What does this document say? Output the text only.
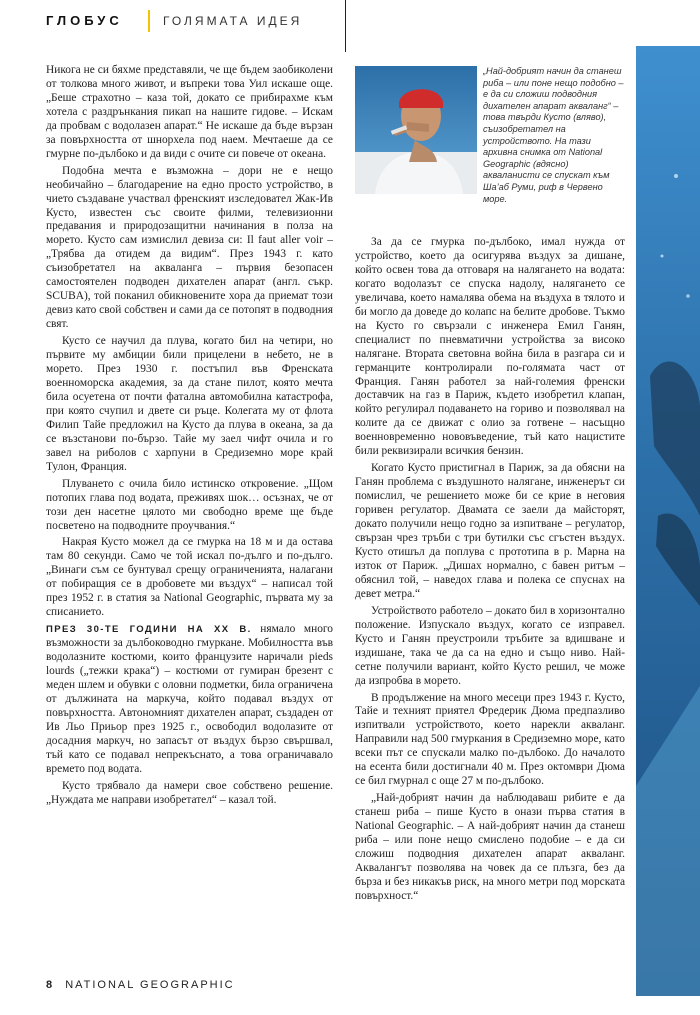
ГЛОБУС	ГОЛЯМАТА ИДЕЯ

Никога не си бяхме представяли, че ще бъдем заобиколени от толкова много живот, и въпреки това Уил искаше още. „Беше страхотно – каза той, докато се прибирахме към хотела с раздрънкания пикап на нашите гидове. – Искам да пробвам с водолазен апарат.“ Не искаше да бъде вързан за повърхността от шнорхела под наем. Мечтаеше да се гмурне по-дълбоко и да види с очите си повече от океана.

Подобна мечта е възможна – дори не е нещо необичайно – благодарение на едно просто устройство, в чието създаване участвал френският изследовател Жак-Ив Кусто, известен със своите филми, телевизионни предавания и природозащитни начинания в полза на морето. Кусто сам измислил девиза си: Il faut aller voir – „Трябва да отидем да видим“. През 1943 г. като съизобретател на акваланга – първия безопасен самостоятелен подводен дихателен апарат (англ. съкр. SCUBA), той поканил обикновените хора да приемат този девиз като свой собствен и сами да се потопят в подводния свят.

Кусто се научил да плува, когато бил на четири, но първите му амбиции били прицелени в небето, не в морето. През 1930 г. постъпил във Френската военноморска академия, за да стане пилот, която мечта била осуетена от почти фатална автомобилна катастрофа, при която счупил и двете си ръце. Колегата му от флота Филип Тайе предложил на Кусто да плува в океана, за да се възстанови по-бързо. Тайе му заел чифт очила и го завел на риболов с харпуни в Средиземно море край Тулон, Франция.

Плуването с очила било истинско откровение. „Щом потопих глава под водата, преживях шок… осъзнах, че от този ден насетне цялото ми свободно време ще бъде посветено на подводните проучвания.“

Накрая Кусто можел да се гмурка на 18 м и да остава там 80 секунди. Само че той искал по-дълго и по-дълго. „Винаги съм се бунтувал срещу ограниченията, налагани от побиращия се в дробовете ми въздух“ – написал той през 1952 г. в статия за National Geographic, първата му за списанието.

ПРЕЗ 30-ТЕ ГОДИНИ НА XX В. нямало много възможности за дълбоководно гмуркане. Мобилността във водолазните костюми, които французите наричали pieds lourds („тежки крака“) – костюми от гумиран брезент с меден шлем и обувки с оловни подметки, била ограничена от дължината на маркуча, който подавал въздух от повърхността. Автономният дихателен апарат, създаден от Ив Льо Приьор през 1925 г., освободил водолазите от досадния маркуч, но запасът от въздух бързо свършвал, тъй като се подавал непрекъснато, а това ограничавало времето под водата.

Кусто трябвало да намери свое собствено решение. „Нуждата ме направи изобретател“ – казал той.

„Най-добрият начин да станеш риба – или поне нещо подобно – е да си сложиш подводния дихателен апарат акваланг“ – това твърди Кусто (вляво), съизобретател на устройството. На тази архивна снимка от National Geographic (вдясно) акваланисти се спускат към Ша’аб Руми, риф в Червено море.

За да се гмурка по-дълбоко, имал нужда от устройство, което да осигурява въздух за дишане, който освен това да отговаря на налягането на водата: когато водолазът се спуска надолу, налягането се увеличава, което намалява обема на въздуха в тялото и би могло да доведе до колапс на белите дробове. Тъкмо на Кусто го свързали с инженера Емил Ганян, специалист по пневматични устройства за високо налягане. Втората световна война била в разгара си и германците контролирали по-голямата част от Франция. Ганян работел за най-големия френски доставчик на газ в Париж, където изобретил клапан, който регулирал подаването на гориво и позволявал на колите да се движат с олио за готвене – насъщно военновременно нововъведение, тъй като нацистите били реквизирали всичкия бензин.

Когато Кусто пристигнал в Париж, за да обясни на Ганян проблема с въздушното налягане, инженерът си помислил, че решението може би се крие в неговия горивен регулатор. Двамата се заели да майсторят, докато получили нещо годно за изпитване – регулатор, свързан чрез тръби с три бутилки със сгъстен въздух. Кусто отишъл да поплува с прототипа в р. Марна на изток от Париж. „Дишах нормално, с бавен ритъм – обяснил той, – наведох глава и полека се спуснах на девет метра.“

Устройството работело – докато бил в хоризонтално положение. Изпускало въздух, когато се изправел. Кусто и Ганян преустроили тръбите за вдишване и издишане, така че да са на едно и също ниво. Най-сетне получили вариант, който Кусто решил, че може да изпробва в морето.

В продължение на много месеци през 1943 г. Кусто, Тайе и техният приятел Фредерик Дюма предпазливо изпитвали устройството, което нарекли акваланг. Направили над 500 гмуркания в Средиземно море, като всеки път се спускали малко по-дълбоко. До началото на есента били достигнали 40 м. През октомври Дюма се бил гмурнал с още 27 м по-дълбоко.

„Най-добрият начин да наблюдаваш рибите е да станеш риба – пише Кусто в онази първа статия в National Geographic. – А най-добрият начин да станеш риба – или поне нещо смислено подобие – е да си сложиш подводния дихателен апарат акваланг. Аквалангът позволява на човек да се плъзга, без да бърза и без никакъв риск, на много метри под морската повърхност.“

8 NATIONAL GEOGRAPHIC
